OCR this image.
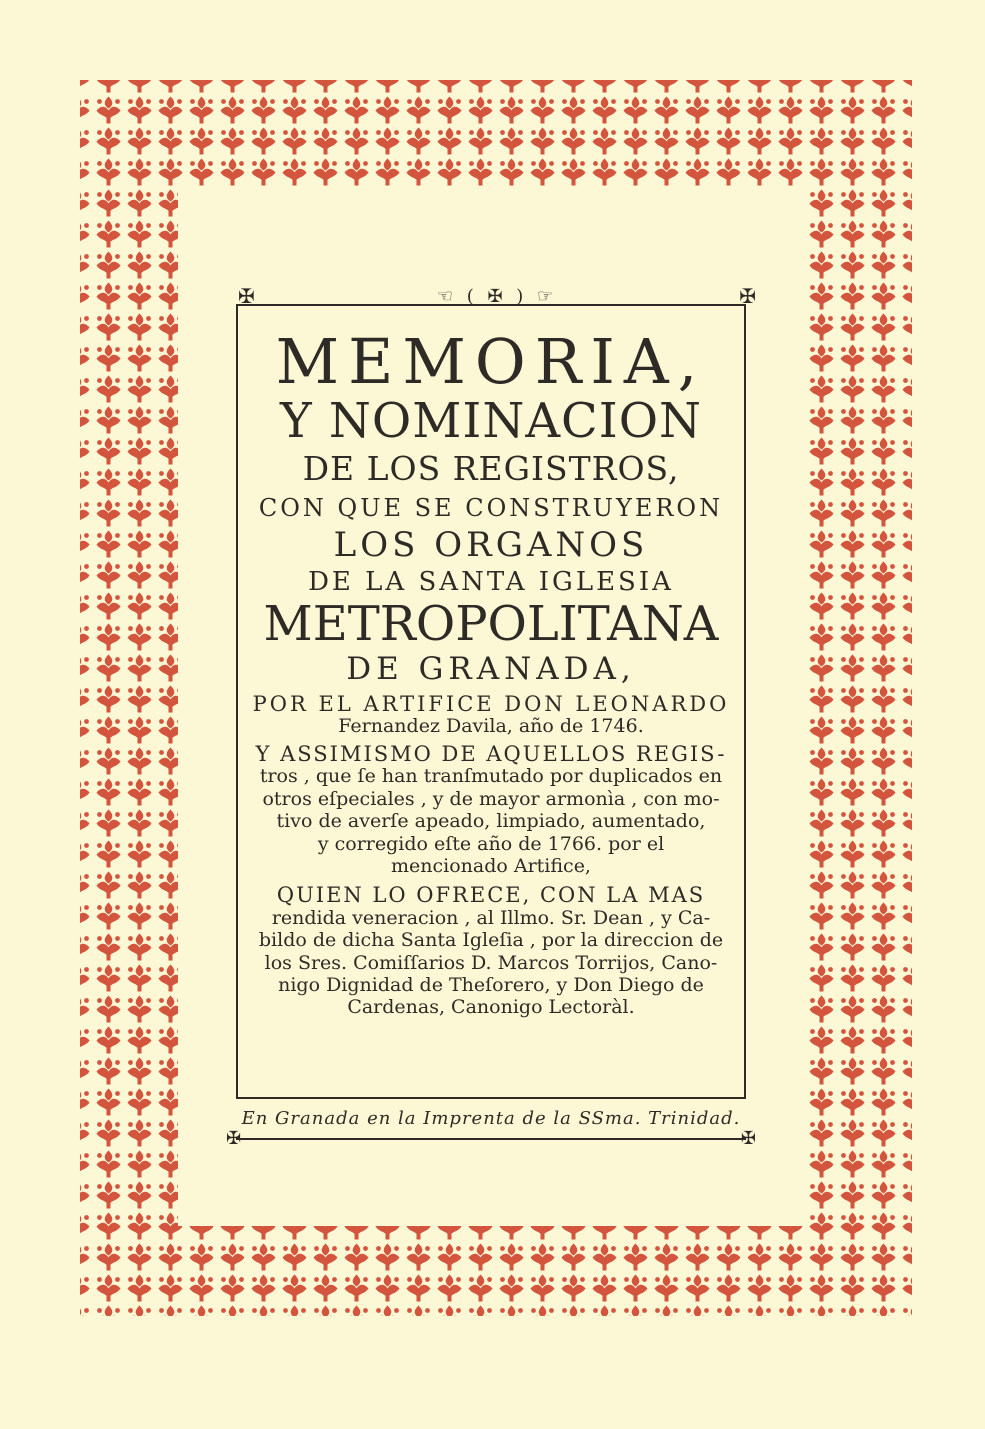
✠	☜ ( ✠ ) ☞	✠
MEMORIA,
Y NOMINACION
DE LOS REGISTROS,
CON QUE SE CONSTRUYERON
LOS ORGANOS
DE LA SANTA IGLESIA
METROPOLITANA
DE GRANADA,
POR EL ARTIFICE DON LEONARDO
Fernandez Davila, año de 1746.
Y ASSIMISMO DE AQUELLOS REGIS-
tros , que ſe han tranſmutado por duplicados en
otros eſpeciales , y de mayor armonìa , con mo-
tivo de averſe apeado, limpiado, aumentado,
y corregido eſte año de 1766. por el
mencionado Artifice,
QUIEN LO OFRECE, CON LA MAS
rendida veneracion , al Illmo. Sr. Dean , y Ca-
bildo de dicha Santa Igleſia , por la direccion de
los Sres. Comiſſarios D. Marcos Torrijos, Cano-
nigo Dignidad de Theſorero, y Don Diego de
Cardenas, Canonigo Lectoràl.
En Granada en la Imprenta de la SSma. Trinidad.
✠	✠
